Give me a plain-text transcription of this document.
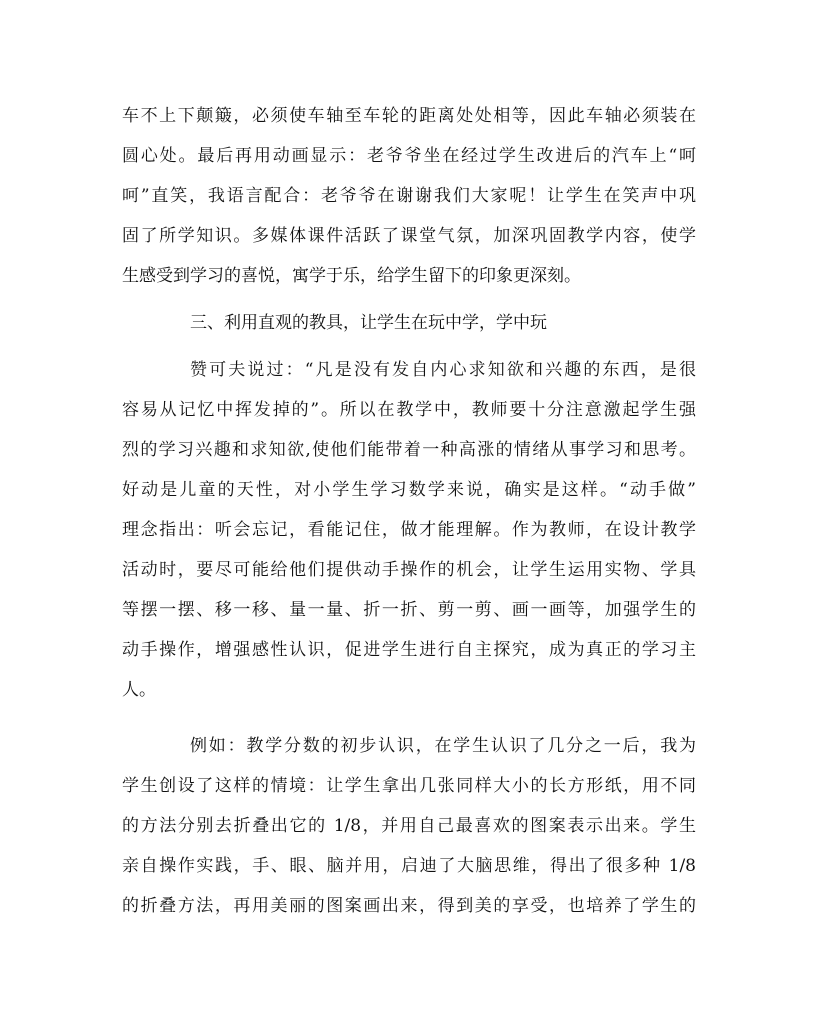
车不上下颠簸，必须使车轴至车轮的距离处处相等，因此车轴必须装在
圆心处。最后再用动画显示：老爷爷坐在经过学生改进后的汽车上“呵
呵”直笑，我语言配合：老爷爷在谢谢我们大家呢！让学生在笑声中巩
固了所学知识。多媒体课件活跃了课堂气氛，加深巩固教学内容，使学
生感受到学习的喜悦，寓学于乐，给学生留下的印象更深刻。
三、利用直观的教具，让学生在玩中学，学中玩
赞可夫说过：“凡是没有发自内心求知欲和兴趣的东西，是很
容易从记忆中挥发掉的”。所以在教学中，教师要十分注意激起学生强
烈的学习兴趣和求知欲,使他们能带着一种高涨的情绪从事学习和思考。
好动是儿童的天性，对小学生学习数学来说，确实是这样。“动手做”
理念指出：听会忘记，看能记住，做才能理解。作为教师，在设计教学
活动时，要尽可能给他们提供动手操作的机会，让学生运用实物、学具
等摆一摆、移一移、量一量、折一折、剪一剪、画一画等，加强学生的
动手操作，增强感性认识，促进学生进行自主探究，成为真正的学习主
人。
例如：教学分数的初步认识，在学生认识了几分之一后，我为
学生创设了这样的情境：让学生拿出几张同样大小的长方形纸，用不同
的方法分别去折叠出它的 1/8，并用自己最喜欢的图案表示出来。学生
亲自操作实践，手、眼、脑并用，启迪了大脑思维，得出了很多种 1/8
的折叠方法，再用美丽的图案画出来，得到美的享受，也培养了学生的
